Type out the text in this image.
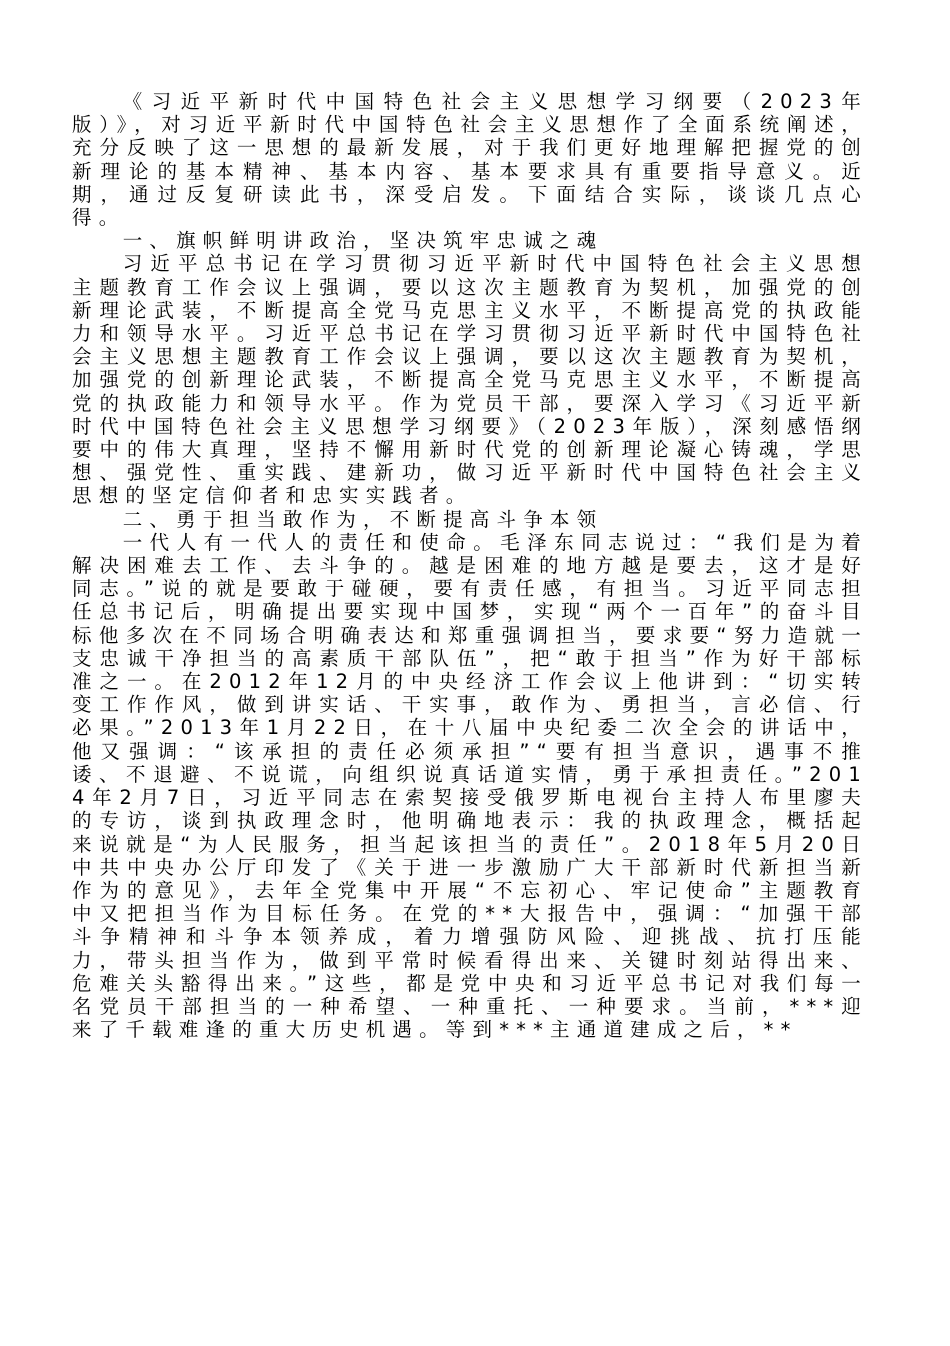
《习近平新时代中国特色社会主义思想学习纲要（2023年版）》，对习近平新时代中国特色社会主义思想作了全面系统阐述，充分反映了这一思想的最新发展，对于我们更好地理解把握党的创新理论的基本精神、基本内容、基本要求具有重要指导意义。近期，通过反复研读此书，深受启发。下面结合实际，谈谈几点心得。

一、旗帜鲜明讲政治，坚决筑牢忠诚之魂

习近平总书记在学习贯彻习近平新时代中国特色社会主义思想主题教育工作会议上强调，要以这次主题教育为契机，加强党的创新理论武装，不断提高全党马克思主义水平，不断提高党的执政能力和领导水平。习近平总书记在学习贯彻习近平新时代中国特色社会主义思想主题教育工作会议上强调，要以这次主题教育为契机，加强党的创新理论武装，不断提高全党马克思主义水平，不断提高党的执政能力和领导水平。作为党员干部，要深入学习《习近平新时代中国特色社会主义思想学习纲要》（2023年版），深刻感悟纲要中的伟大真理，坚持不懈用新时代党的创新理论凝心铸魂，学思想、强党性、重实践、建新功，做习近平新时代中国特色社会主义思想的坚定信仰者和忠实实践者。

二、勇于担当敢作为，不断提高斗争本领

一代人有一代人的责任和使命。毛泽东同志说过：“我们是为着解决困难去工作、去斗争的。越是困难的地方越是要去，这才是好同志。”说的就是要敢于碰硬，要有责任感，有担当。习近平同志担任总书记后，明确提出要实现中国梦，实现“两个一百年”的奋斗目标他多次在不同场合明确表达和郑重强调担当，要求要“努力造就一支忠诚干净担当的高素质干部队伍”，把“敢于担当”作为好干部标准之一。在2012年12月的中央经济工作会议上他讲到：“切实转变工作作风，做到讲实话、干实事，敢作为、勇担当，言必信、行必果。”2013年1月22日，在十八届中央纪委二次全会的讲话中，他又强调：“该承担的责任必须承担”“要有担当意识，遇事不推诿、不退避、不说谎，向组织说真话道实情，勇于承担责任。”2014年2月7日，习近平同志在索契接受俄罗斯电视台主持人布里廖夫的专访，谈到执政理念时，他明确地表示：我的执政理念，概括起来说就是“为人民服务，担当起该担当的责任”。2018年5月20日中共中央办公厅印发了《关于进一步激励广大干部新时代新担当新作为的意见》，去年全党集中开展“不忘初心、牢记使命”主题教育中又把担当作为目标任务。在党的**大报告中，强调：“加强干部斗争精神和斗争本领养成，着力增强防风险、迎挑战、抗打压能力，带头担当作为，做到平常时候看得出来、关键时刻站得出来、危难关头豁得出来。”这些，都是党中央和习近平总书记对我们每一名党员干部担当的一种希望、一种重托、一种要求。当前，***迎来了千载难逢的重大历史机遇。等到***主通道建成之后，**
